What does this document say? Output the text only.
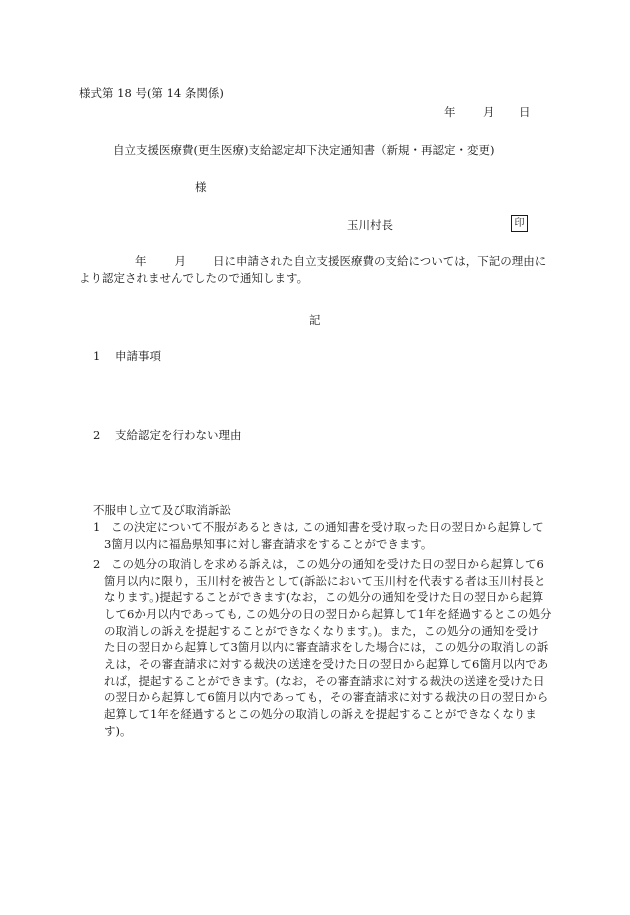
様式第 18 号(第 14 条関係)
年 月 日
自立支援医療費(更生医療)支給認定却下決定通知書（新規・再認定・変更)
様
玉川村長	印
年 月 日に申請された自立支援医療費の支給については，下記の理由により認定されませんでしたので通知します。
記
1 申請事項
2 支給認定を行わない理由
不服申し立て及び取消訴訟
1 この決定について不服があるときは, この通知書を受け取った日の翌日から起算して
3箇月以内に福島県知事に対し審査請求をすることができます。
2 この処分の取消しを求める訴えは，この処分の通知を受けた日の翌日から起算して6
箇月以内に限り，玉川村を被告として(訴訟において玉川村を代表する者は玉川村長と
なります。)提起することができます(なお，この処分の通知を受けた日の翌日から起算
して6か月以内であっても, この処分の日の翌日から起算して1年を経過するとこの処分
の取消しの訴えを提起することができなくなります。)。また，この処分の通知を受け
た日の翌日から起算して3箇月以内に審査請求をした場合には，この処分の取消しの訴
えは，その審査請求に対する裁決の送達を受けた日の翌日から起算して6箇月以内であ
れば，提起することができます。(なお，その審査請求に対する裁決の送達を受けた日
の翌日から起算して6箇月以内であっても，その審査請求に対する裁決の日の翌日から
起算して1年を経過するとこの処分の取消しの訴えを提起することができなくなりま
す)。
